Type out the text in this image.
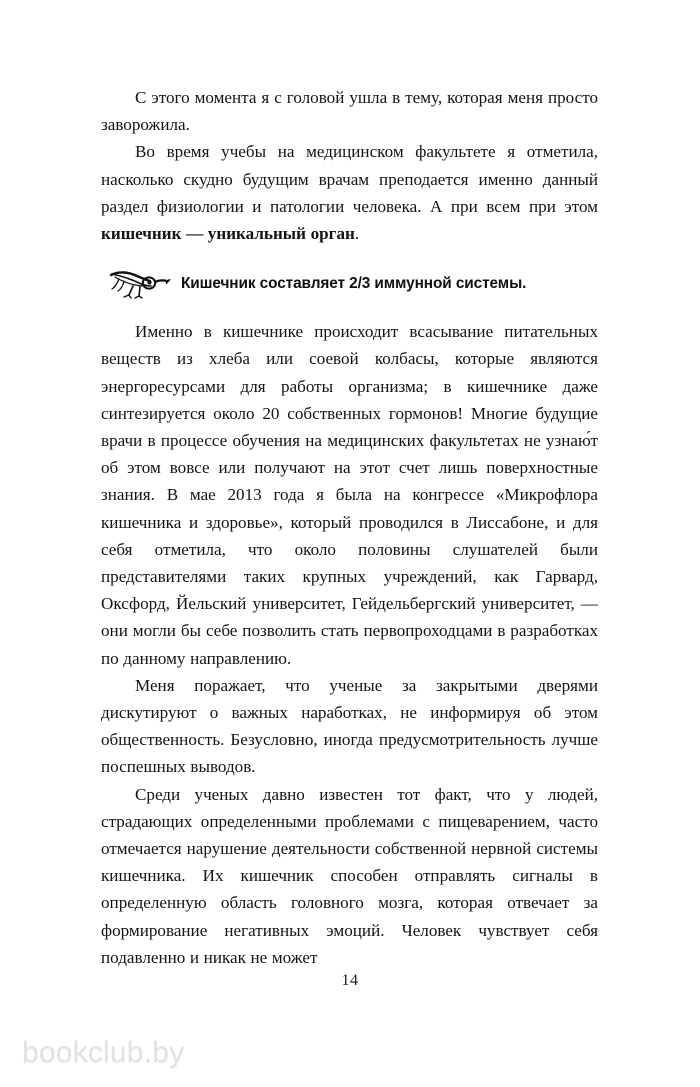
С этого момента я с головой ушла в тему, которая меня просто заворожила.

Во время учебы на медицинском факультете я отметила, насколько скудно будущим врачам преподается именно данный раздел физиологии и патологии человека. А при всем при этом кишечник — уникальный орган.

Кишечник составляет 2/3 иммунной системы.

Именно в кишечнике происходит всасывание питательных веществ из хлеба или соевой колбасы, которые являются энергоресурсами для работы организма; в кишечнике даже синтезируется около 20 собственных гормонов! Многие будущие врачи в процессе обучения на медицинских факультетах не узнаю́т об этом вовсе или получают на этот счет лишь поверхностные знания. В мае 2013 года я была на конгрессе «Микрофлора кишечника и здоровье», который проводился в Лиссабоне, и для себя отметила, что около половины слушателей были представителями таких крупных учреждений, как Гарвард, Оксфорд, Йельский университет, Гейдельбергский университет, — они могли бы себе позволить стать первопроходцами в разработках по данному направлению.

Меня поражает, что ученые за закрытыми дверями дискутируют о важных наработках, не информируя об этом общественность. Безусловно, иногда предусмотрительность лучше поспешных выводов.

Среди ученых давно известен тот факт, что у людей, страдающих определенными проблемами с пищеварением, часто отмечается нарушение деятельности собственной нервной системы кишечника. Их кишечник способен отправлять сигналы в определенную область головного мозга, которая отвечает за формирование негативных эмоций. Человек чувствует себя подавленно и никак не может

14
bookclub.by
